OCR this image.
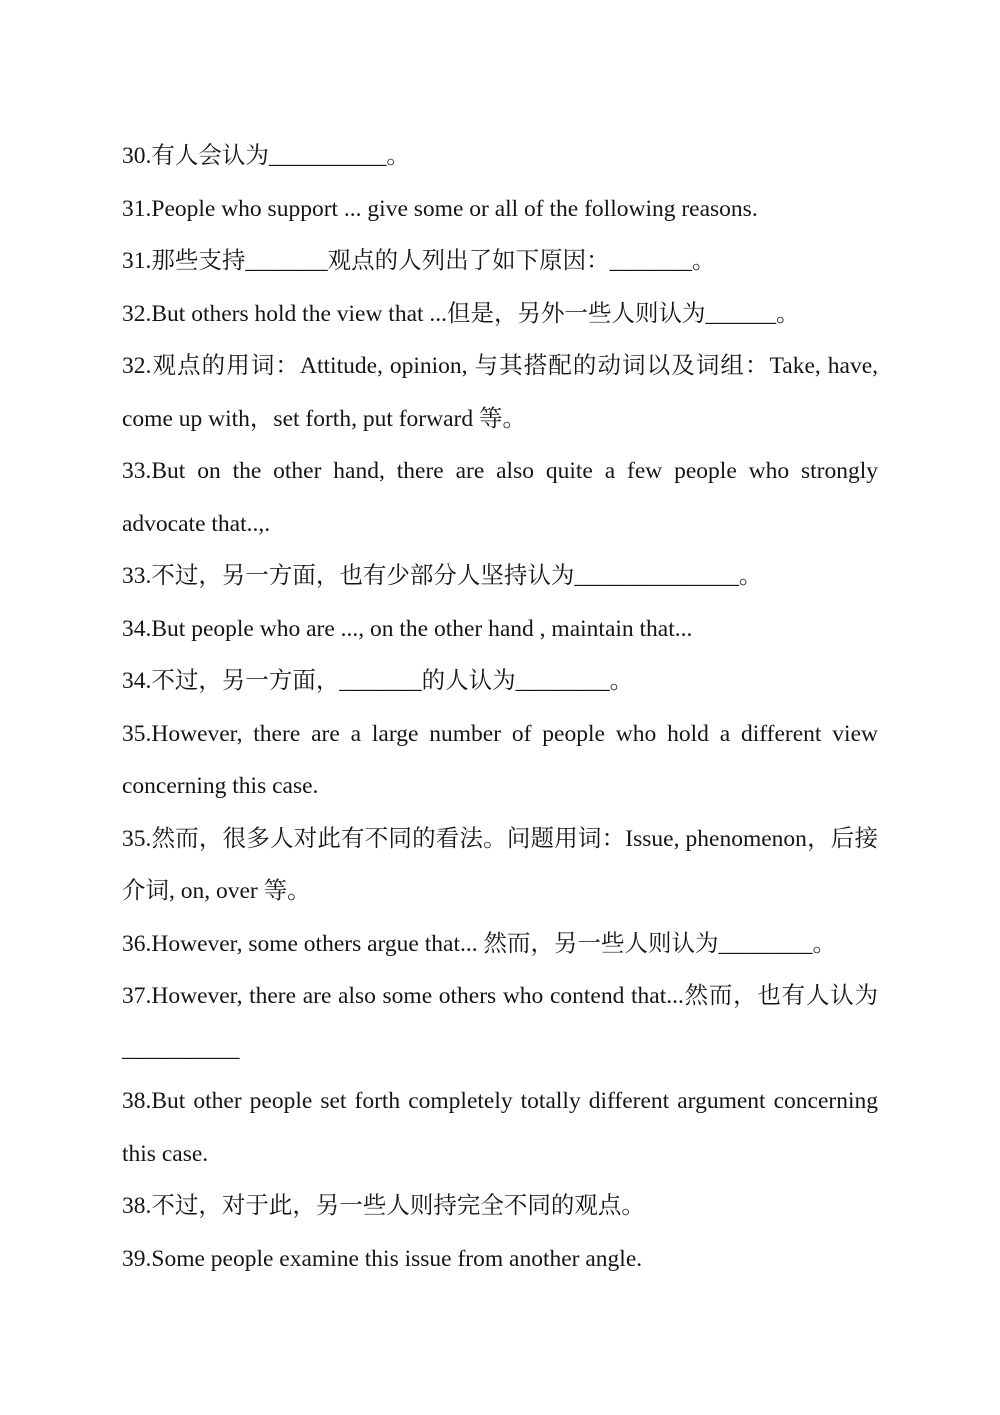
30.有人会认为__________。

31.People who support ... give some or all of the following reasons.

31.那些支持_______观点的人列出了如下原因：_______。

32.But others hold the view that ...但是，另外一些人则认为______。

32.观点的用词：Attitude, opinion, 与其搭配的动词以及词组：Take, have,

come up with，set forth, put forward 等。

33.But on the other hand, there are also quite a few people who strongly

advocate that..,.

33.不过，另一方面，也有少部分人坚持认为______________。

34.But people who are ..., on the other hand , maintain that...

34.不过，另一方面，_______的人认为________。

35.However, there are a large number of people who hold a different view

concerning this case.

35.然而，很多人对此有不同的看法。问题用词：Issue, phenomenon，后接

介词, on, over 等。

36.However, some others argue that... 然而，另一些人则认为________。

37.However, there are also some others who contend that...然而，也有人认为

__________

38.But other people set forth completely totally different argument concerning

this case.

38.不过，对于此，另一些人则持完全不同的观点。

39.Some people examine this issue from another angle.
